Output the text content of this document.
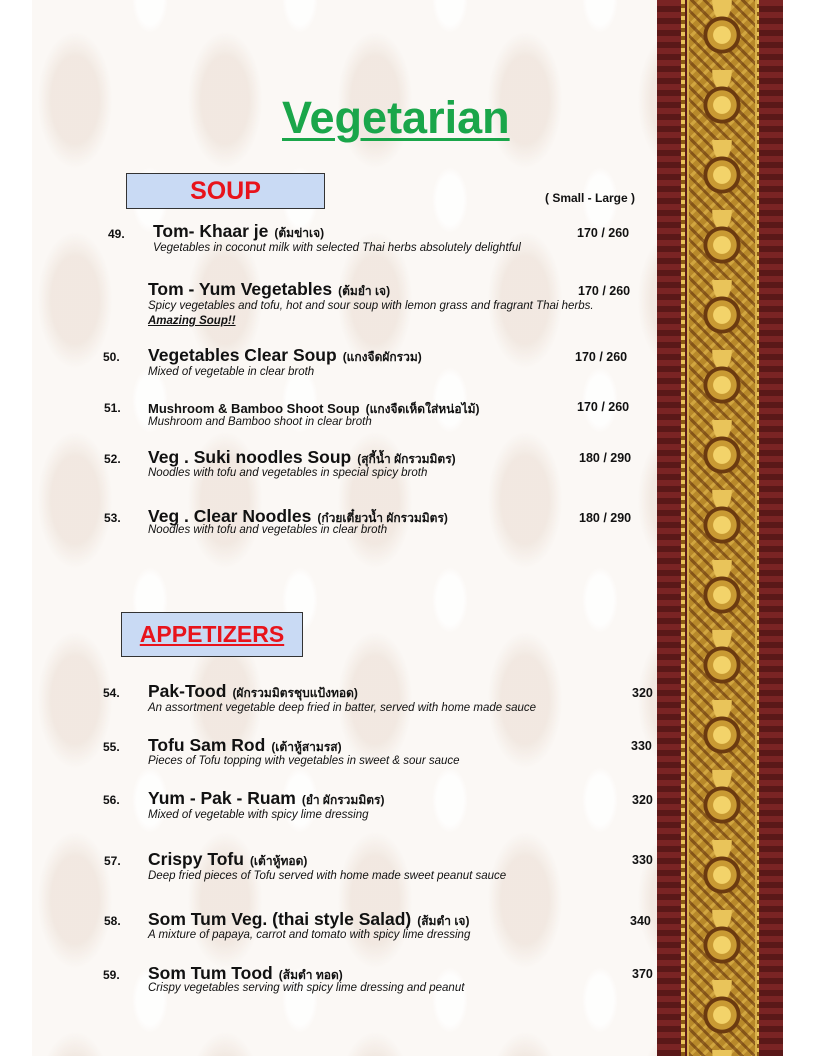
Vegetarian
SOUP	( Small - Large )
49. Tom- Khaar je (ต้มข่าเจ)	170 / 260
Vegetables in coconut milk with selected Thai herbs absolutely delightful
Tom - Yum Vegetables (ต้มยำ เจ)	170 / 260
Spicy vegetables and tofu, hot and sour soup with lemon grass and fragrant Thai herbs.
Amazing Soup!!
50. Vegetables Clear Soup (แกงจืดผักรวม)	170 / 260
Mixed of vegetable in clear broth
51. Mushroom & Bamboo Shoot Soup (แกงจืดเห็ดใส่หน่อไม้)	170 / 260
Mushroom and Bamboo shoot in clear broth
52. Veg . Suki noodles Soup (สุกี้น้ำ ผักรวมมิตร)	180 / 290
Noodles with tofu and vegetables in special spicy broth
53. Veg . Clear Noodles (ก๋วยเตี๋ยวน้ำ ผักรวมมิตร)	180 / 290
Noodles with tofu and vegetables in clear broth
APPETIZERS
54. Pak-Tood (ผักรวมมิตรชุบแป้งทอด)	320
An assortment vegetable deep fried in batter, served with home made sauce
55. Tofu Sam Rod (เต้าหู้สามรส)	330
Pieces of Tofu topping with vegetables in sweet & sour sauce
56. Yum - Pak - Ruam (ยำ ผักรวมมิตร)	320
Mixed of vegetable with spicy lime dressing
57. Crispy Tofu (เต้าหู้ทอด)	330
Deep fried pieces of Tofu served with home made sweet peanut sauce
58. Som Tum Veg. (thai style Salad) (ส้มตำ เจ)	340
A mixture of papaya, carrot and tomato with spicy lime dressing
59. Som Tum Tood (ส้มตำ ทอด)	370
Crispy vegetables serving with spicy lime dressing and peanut
